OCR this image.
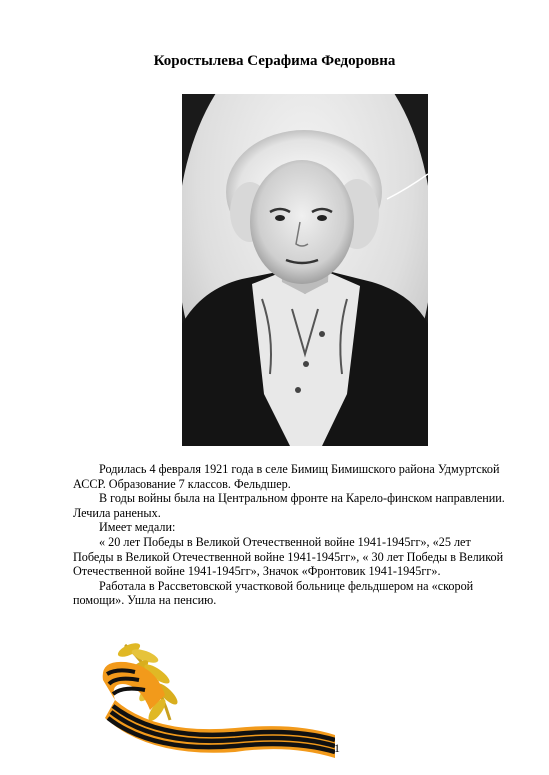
Коростылева Серафима Федоровна

Родилась 4 февраля 1921 года в селе Бимищ Бимишского района Удмуртской АССР. Образование 7 классов. Фельдшер.

В годы войны была на Центральном фронте на Карело-финском направлении. Лечила раненых.

Имеет медали:

« 20 лет Победы в Великой Отечественной войне 1941-1945гг», «25 лет Победы в Великой Отечественной войне 1941-1945гг», « 30 лет Победы в Великой Отечественной войне 1941-1945гг», Значок «Фронтовик 1941-1945гг».

Работала в Рассветовской участковой больнице фельдшером на «скорой помощи». Ушла на пенсию.

1
